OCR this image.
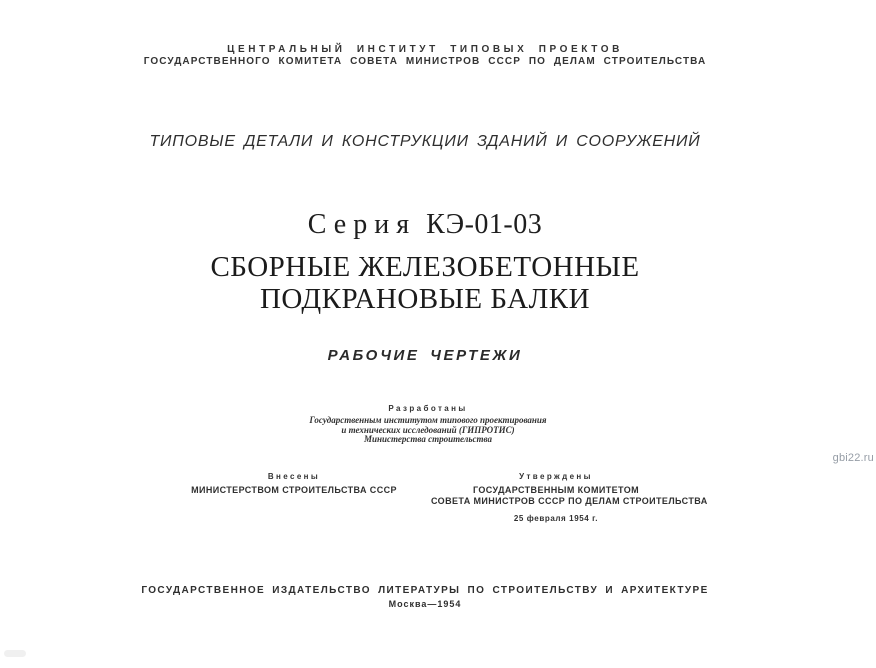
ЦЕНТРАЛЬНЫЙ ИНСТИТУТ ТИПОВЫХ ПРОЕКТОВ
ГОСУДАРСТВЕННОГО КОМИТЕТА СОВЕТА МИНИСТРОВ СССР ПО ДЕЛАМ СТРОИТЕЛЬСТВА
ТИПОВЫЕ ДЕТАЛИ И КОНСТРУКЦИИ ЗДАНИЙ И СООРУЖЕНИЙ
Серия КЭ-01-03
СБОРНЫЕ ЖЕЛЕЗОБЕТОННЫЕ
ПОДКРАНОВЫЕ БАЛКИ
РАБОЧИЕ ЧЕРТЕЖИ
Разработаны
Государственным институтом типового проектирования
и технических исследований (ГИПРОТИС)
Министерства строительства
Внесены
МИНИСТЕРСТВОМ СТРОИТЕЛЬСТВА СССР
Утверждены
ГОСУДАРСТВЕННЫМ КОМИТЕТОМ
СОВЕТА МИНИСТРОВ СССР ПО ДЕЛАМ СТРОИТЕЛЬСТВА
25 февраля 1954 г.
gbi22.ru
ГОСУДАРСТВЕННОЕ ИЗДАТЕЛЬСТВО ЛИТЕРАТУРЫ ПО СТРОИТЕЛЬСТВУ И АРХИТЕКТУРЕ
Москва—1954
